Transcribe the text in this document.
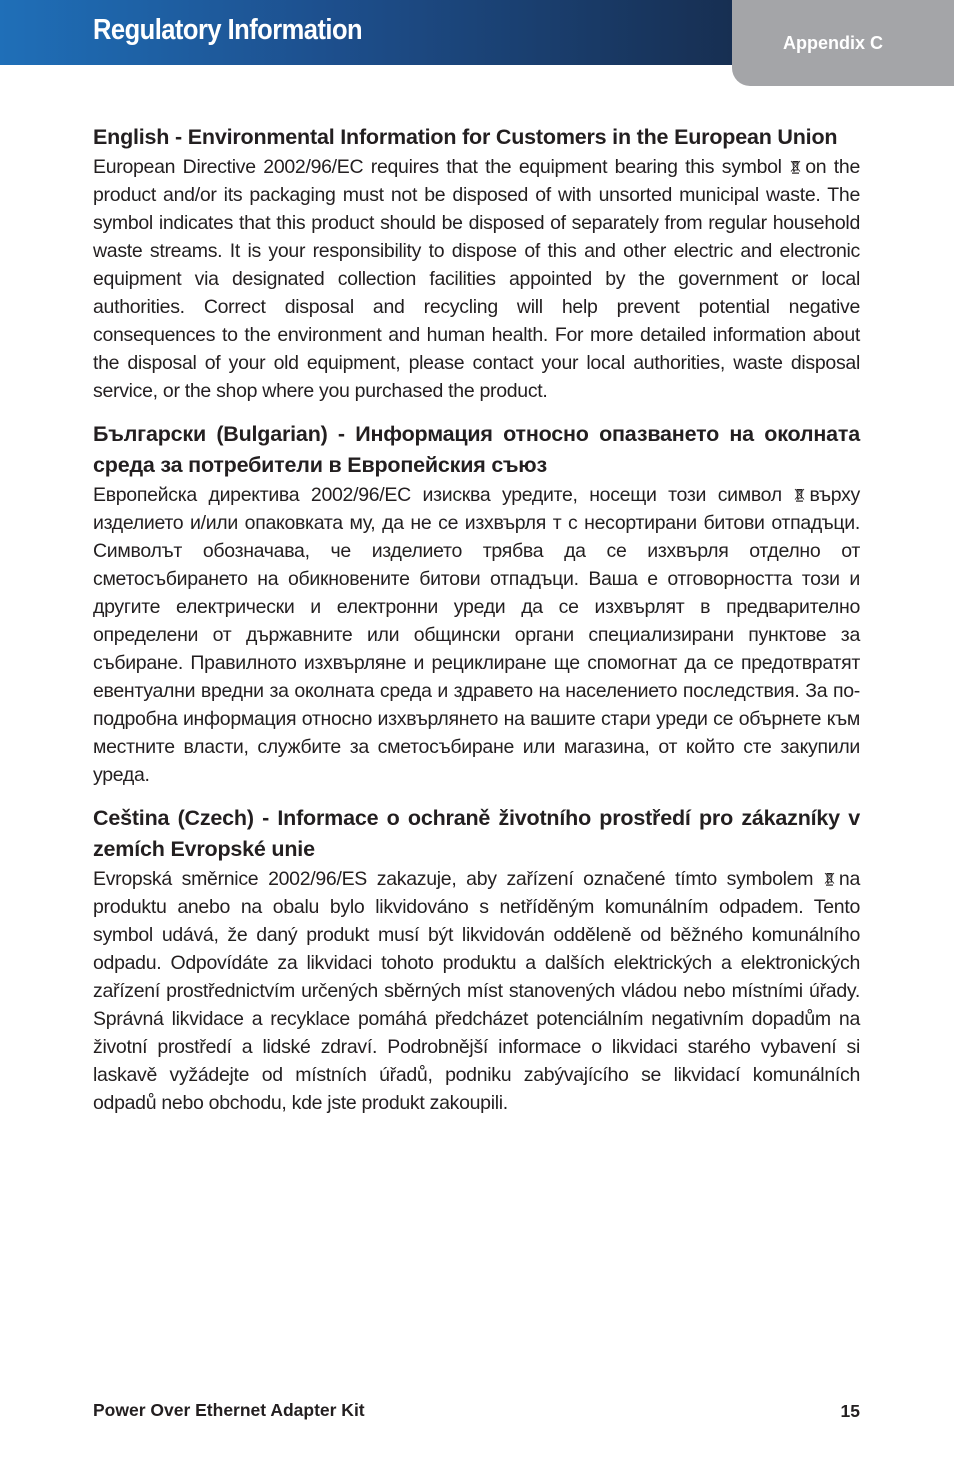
Regulatory Information	Appendix C

English - Environmental Information for Customers in the European Union

European Directive 2002/96/EC requires that the equipment bearing this symbol on the product and/or its packaging must not be disposed of with unsorted municipal waste. The symbol indicates that this product should be disposed of separately from regular household waste streams. It is your responsibility to dispose of this and other electric and electronic equipment via designated collection facilities appointed by the government or local authorities. Correct disposal and recycling will help prevent potential negative consequences to the environment and human health. For more detailed information about the disposal of your old equipment, please contact your local authorities, waste disposal service, or the shop where you purchased the product.

Български (Bulgarian) - Информация относно опазването на околната среда за потребители в Европейския съюз

Европейска директива 2002/96/EC изисква уредите, носещи този символ върху изделието и/или опаковката му, да не се изхвърля т с несортирани битови отпадъци. Символът обозначава, че изделието трябва да се изхвърля отделно от сметосъбирането на обикновените битови отпадъци. Ваша е отговорността този и другите електрически и електронни уреди да се изхвърлят в предварително определени от държавните или общински органи специализирани пунктове за събиране. Правилното изхвърляне и рециклиране ще спомогнат да се предотвратят евентуални вредни за околната среда и здравето на населението последствия. За по-подробна информация относно изхвърлянето на вашите стари уреди се обърнете към местните власти, службите за сметосъбиране или магазина, от който сте закупили уреда.

Ceština (Czech) - Informace o ochraně životního prostředí pro zákazníky v zemích Evropské unie

Evropská směrnice 2002/96/ES zakazuje, aby zařízení označené tímto symbolem na produktu anebo na obalu bylo likvidováno s netříděným komunálním odpadem. Tento symbol udává, že daný produkt musí být likvidován odděleně od běžného komunálního odpadu. Odpovídáte za likvidaci tohoto produktu a dalších elektrických a elektronických zařízení prostřednictvím určených sběrných míst stanovených vládou nebo místními úřady. Správná likvidace a recyklace pomáhá předcházet potenciálním negativním dopadům na životní prostředí a lidské zdraví. Podrobnější informace o likvidaci starého vybavení si laskavě vyžádejte od místních úřadů, podniku zabývajícího se likvidací komunálních odpadů nebo obchodu, kde jste produkt zakoupili.

Power Over Ethernet Adapter Kit	15
